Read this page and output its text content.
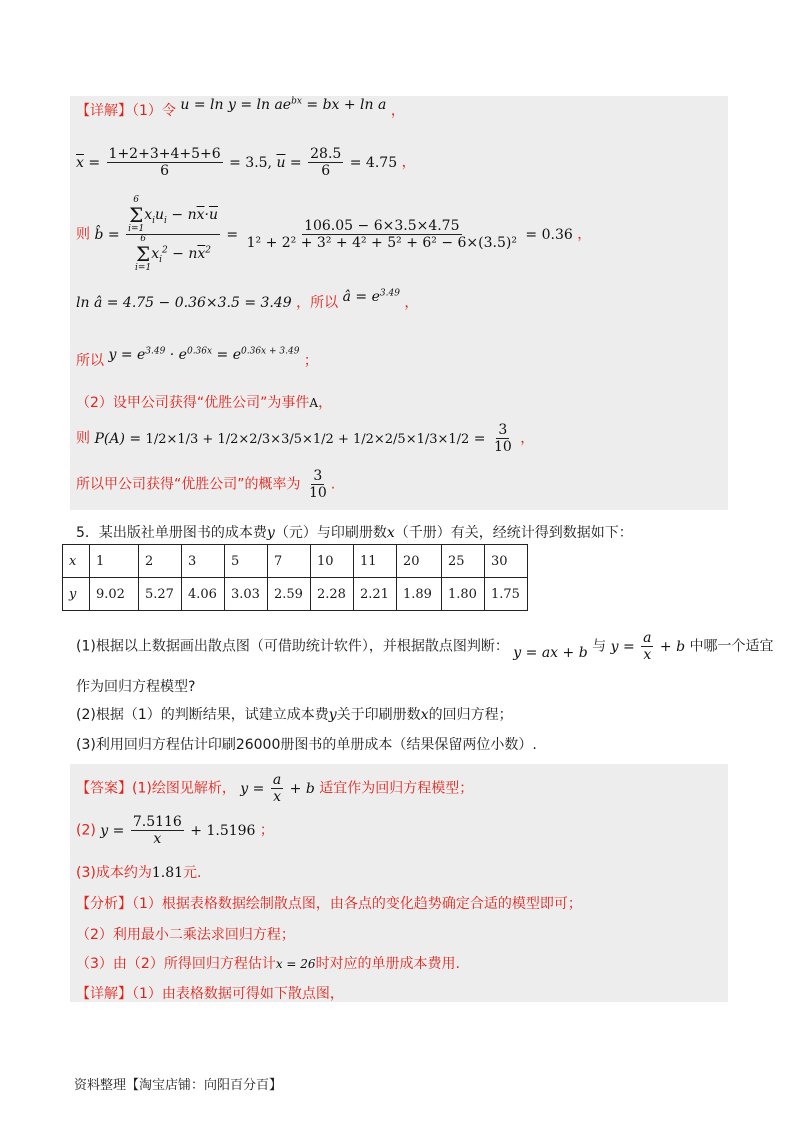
【详解】（1）令 $u = \ln y = \ln ae^{bx}$ = bx + ln a ，
$\overline{x} = \frac{1+2+3+4+5+6}{6} = 3.5$, $\overline{u} = \frac{28.5}{6} = 4.75$ ，
则 b̂ = 6
Σ
i=1
$x_iu_i - n\overline{x}\cdot\overline{u}$
6
Σ
i=1
$x_i^2 - n\overline{x}^2 = \frac{106.05 - 6\times 3.5\times 4.75}{\text{1² + 2² + 3² + 4² + 5² + 6² − 6×(3.5)²}} = 0.36$ ，
ln â = 4.75 − 0.36×3.5 = 3.49 ，所以 â = $e^{3.49}$ ，
所以 $y = e^{3.49} \cdot e^{0.36x} = e^{0.36x + 3.49}$ ；
（2）设甲公司获得“优胜公司”为事件A，
则 $P(A) = 1/2\times 1/3 + 1/2\times 2/3\times 3/5\times 1/2 + 1/2\times 2/5\times 1/3\times 1/2 = \frac{3}{10}$ ，
所以甲公司获得“优胜公司”的概率为 $\frac{3}{10}$ .
5．某出版社单册图书的成本费y（元）与印刷册数x（千册）有关，经统计得到数据如下：
x	1	2	3	5	7	10	11	20	25	30
y	9.02	5.27	4.06	3.03	2.59	2.28	2.21	1.89	1.80	1.75
(1)根据以上数据画出散点图（可借助统计软件），并根据散点图判断： y = ax + b 与 $y = \frac{a}{x} + b$ 中哪一个适宜
作为回归方程模型?
(2)根据（1）的判断结果，试建立成本费y关于印刷册数x的回归方程；
(3)利用回归方程估计印刷26000册图书的单册成本（结果保留两位小数）.
【答案】(1)绘图见解析， $y = \frac{a}{x} + b$ 适宜作为回归方程模型；
(2) $y = \frac{7.5116}{x} + 1.5196$ ；
(3)成本约为1.81元.
【分析】（1）根据表格数据绘制散点图，由各点的变化趋势确定合适的模型即可；
（2）利用最小二乘法求回归方程；
（3）由（2）所得回归方程估计x = 26时对应的单册成本费用.
【详解】（1）由表格数据可得如下散点图，
资料整理【淘宝店铺：向阳百分百】
